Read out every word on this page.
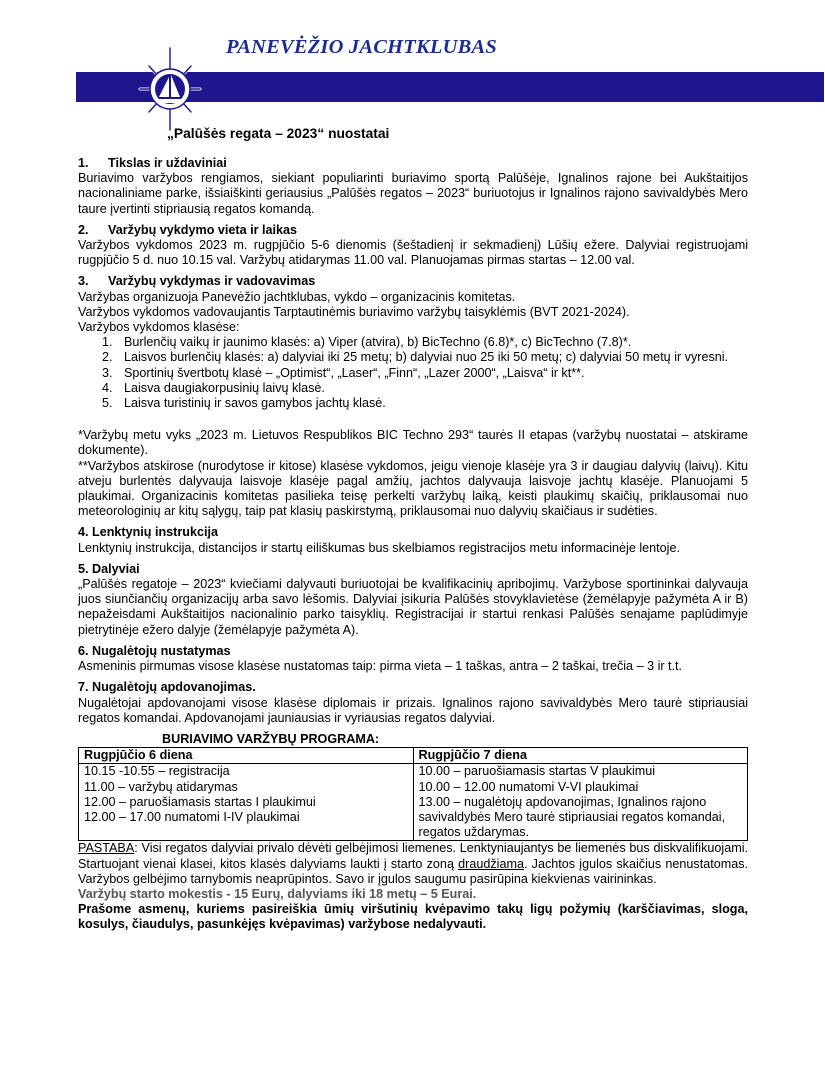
PANEVĖŽIO JACHTKLUBAS
„Palūšės regata – 2023“ nuostatai
1. Tikslas ir uždaviniai

Buriavimo varžybos rengiamos, siekiant populiarinti buriavimo sportą Palūšėje, Ignalinos rajone bei Aukštaitijos nacionaliniame parke, išsiaiškinti geriausius „Palūšės regatos – 2023“ buriuotojus ir Ignalinos rajono savivaldybės Mero taure įvertinti stipriausią regatos komandą.

2. Varžybų vykdymo vieta ir laikas

Varžybos vykdomos 2023 m. rugpjūčio 5-6 dienomis (šeštadienį ir sekmadienį) Lūšių ežere. Dalyviai registruojami rugpjūčio 5 d. nuo 10.15 val. Varžybų atidarymas 11.00 val. Planuojamas pirmas startas – 12.00 val.

3. Varžybų vykdymas ir vadovavimas

Varžybas organizuoja Panevėžio jachtklubas, vykdo – organizacinis komitetas.

Varžybos vykdomos vadovaujantis Tarptautinėmis buriavimo varžybų taisyklėmis (BVT 2021-2024).

Varžybos vykdomos klasėse:

1. Burlenčių vaikų ir jaunimo klasės: a) Viper (atvira), b) BicTechno (6.8)*, c) BicTechno (7.8)*.
2. Laisvos burlenčių klasės: a) dalyviai iki 25 metų; b) dalyviai nuo 25 iki 50 metų; c) dalyviai 50 metų ir vyresni.
3. Sportinių švertbotų klasė – „Optimist“, „Laser“, „Finn“, „Lazer 2000“, „Laisva“ ir kt**.
4. Laisva daugiakorpusinių laivų klasė.
5. Laisva turistinių ir savos gamybos jachtų klasė.

*Varžybų metu vyks „2023 m. Lietuvos Respublikos BIC Techno 293“ taurės II etapas (varžybų nuostatai – atskirame dokumente).

**Varžybos atskirose (nurodytose ir kitose) klasėse vykdomos, jeigu vienoje klasėje yra 3 ir daugiau dalyvių (laivų). Kitu atveju burlentės dalyvauja laisvoje klasėje pagal amžių, jachtos dalyvauja laisvoje jachtų klasėje. Planuojami 5 plaukimai. Organizacinis komitetas pasilieka teisę perkelti varžybų laiką, keisti plaukimų skaičių, priklausomai nuo meteorologinių ar kitų sąlygų, taip pat klasių paskirstymą, priklausomai nuo dalyvių skaičiaus ir sudėties.

4. Lenktynių instrukcija

Lenktynių instrukcija, distancijos ir startų eiliškumas bus skelbiamos registracijos metu informacinėje lentoje.

5. Dalyviai

„Palūšės regatoje – 2023“ kviečiami dalyvauti buriuotojai be kvalifikacinių apribojimų. Varžybose sportininkai dalyvauja juos siunčiančių organizacijų arba savo lėšomis. Dalyviai įsikuria Palūšės stovyklavietėse (žemėlapyje pažymėta A ir B) nepažeisdami Aukštaitijos nacionalinio parko taisyklių. Registracijai ir startui renkasi Palūšės senajame paplūdimyje pietrytinėje ežero dalyje (žemėlapyje pažymėta A).

6. Nugalėtojų nustatymas

Asmeninis pirmumas visose klasėse nustatomas taip: pirma vieta – 1 taškas, antra – 2 taškai, trečia – 3 ir t.t.

7. Nugalėtojų apdovanojimas.

Nugalėtojai apdovanojami visose klasėse diplomais ir prizais. Ignalinos rajono savivaldybės Mero taurė stipriausiai regatos komandai. Apdovanojami jauniausias ir vyriausias regatos dalyviai.

BURIAVIMO VARŽYBŲ PROGRAMA:
Rugpjūčio 6 diena	Rugpjūčio 7 diena
10.15 -10.55 – registracija	10.00 – paruošiamasis startas V plaukimui
11.00 – varžybų atidarymas	10.00 – 12.00 numatomi V-VI plaukimai
12.00 – paruošiamasis startas I plaukimui	13.00 – nugalėtojų apdovanojimas, Ignalinos rajono
12.00 – 17.00 numatomi I-IV plaukimai	savivaldybės Mero taurė stipriausiai regatos komandai,
	regatos uždarymas.

PASTABA: Visi regatos dalyviai privalo dėvėti gelbėjimosi liemenes. Lenktyniaujantys be liemenės bus diskvalifikuojami. Startuojant vienai klasei, kitos klasės dalyviams laukti į starto zoną draudžiama. Jachtos įgulos skaičius nenustatomas. Varžybos gelbėjimo tarnybomis neaprūpintos. Savo ir įgulos saugumu pasirūpina kiekvienas vairininkas.

Varžybų starto mokestis - 15 Eurų, dalyviams iki 18 metų – 5 Eurai.

Prašome asmenų, kuriems pasireiškia ūmių viršutinių kvėpavimo takų ligų požymių (karščiavimas, sloga, kosulys, čiaudulys, pasunkėjęs kvėpavimas) varžybose nedalyvauti.
